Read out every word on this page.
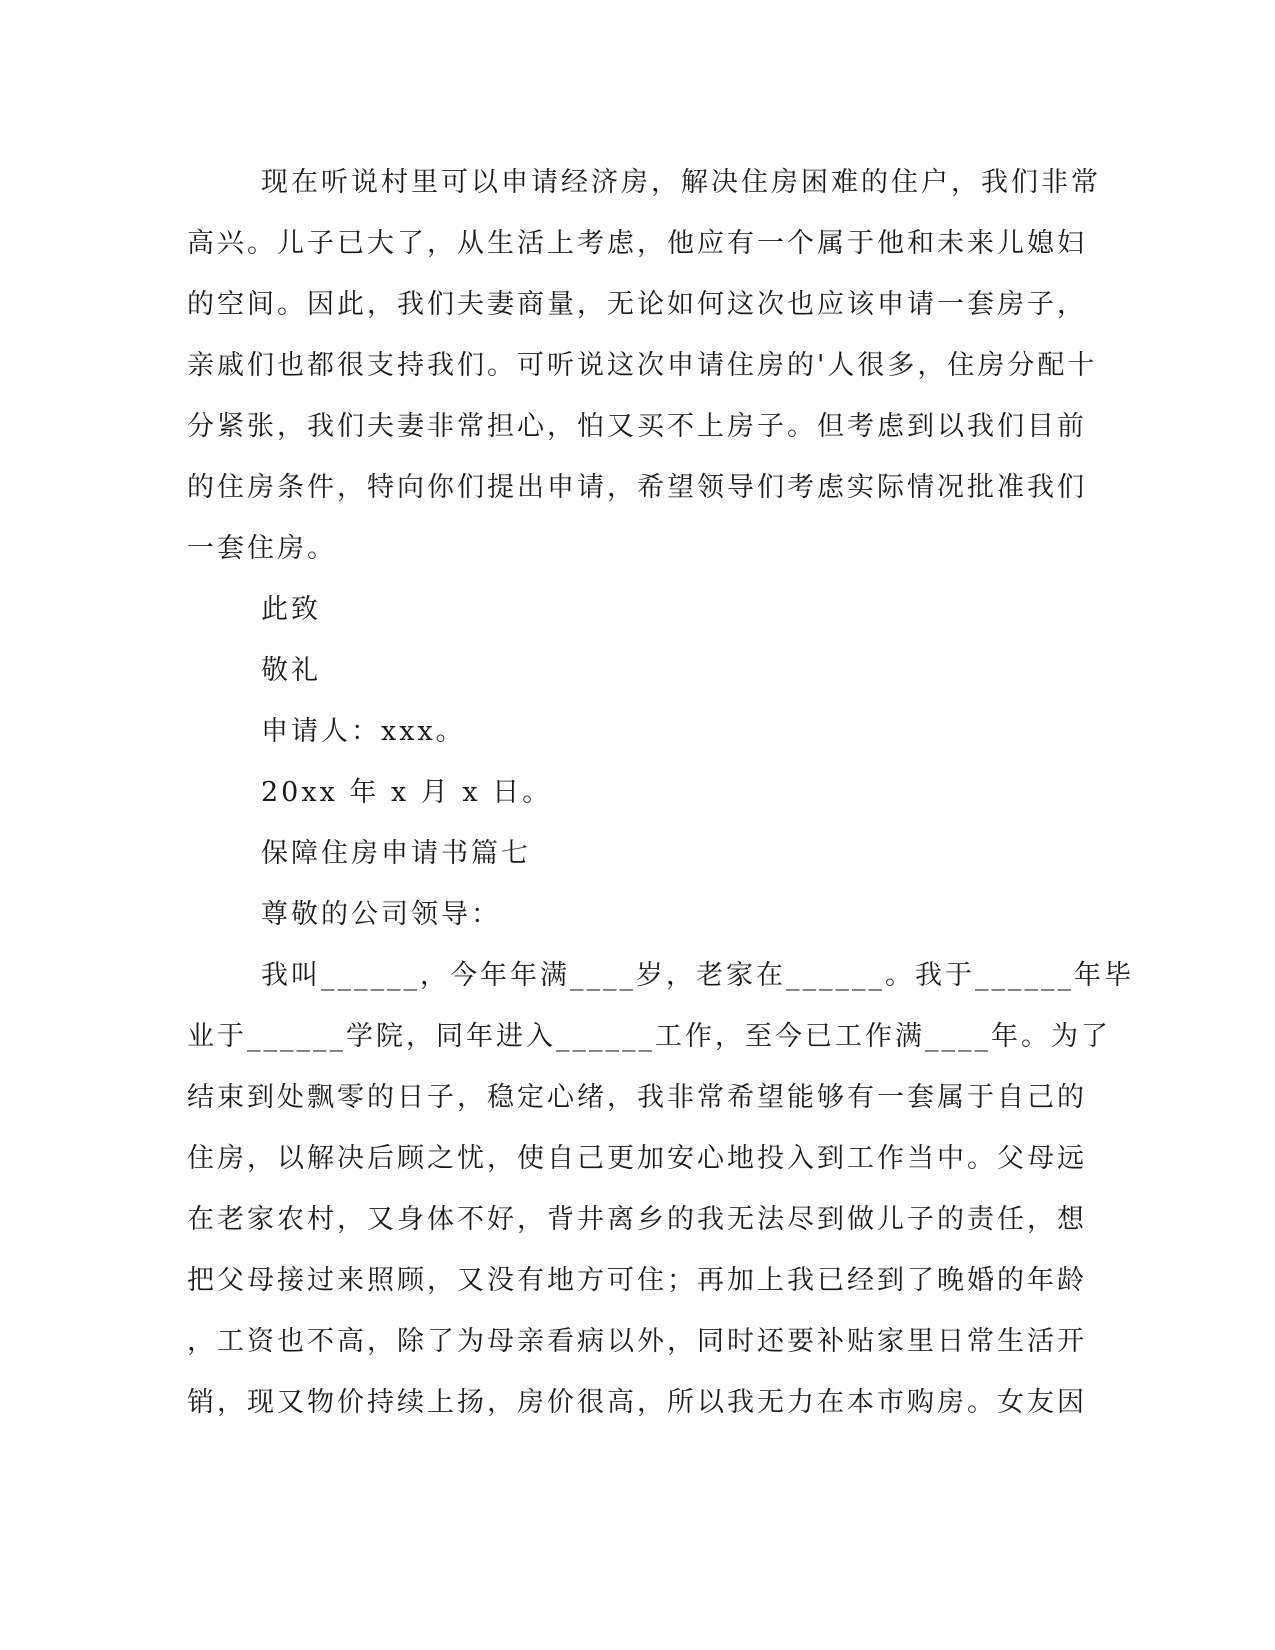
现在听说村里可以申请经济房，解决住房困难的住户，我们非常
高兴。儿子已大了，从生活上考虑，他应有一个属于他和未来儿媳妇
的空间。因此，我们夫妻商量，无论如何这次也应该申请一套房子，
亲戚们也都很支持我们。可听说这次申请住房的'人很多，住房分配十
分紧张，我们夫妻非常担心，怕又买不上房子。但考虑到以我们目前
的住房条件，特向你们提出申请，希望领导们考虑实际情况批准我们
一套住房。
此致
敬礼
申请人：xxx。
20xx 年 x 月 x 日。
保障住房申请书篇七
尊敬的公司领导：
我叫______，今年年满____岁，老家在______。我于______年毕
业于______学院，同年进入______工作，至今已工作满____年。为了
结束到处飘零的日子，稳定心绪，我非常希望能够有一套属于自己的
住房，以解决后顾之忧，使自己更加安心地投入到工作当中。父母远
在老家农村，又身体不好，背井离乡的我无法尽到做儿子的责任，想
把父母接过来照顾，又没有地方可住；再加上我已经到了晚婚的年龄
，工资也不高，除了为母亲看病以外，同时还要补贴家里日常生活开
销，现又物价持续上扬，房价很高，所以我无力在本市购房。女友因
